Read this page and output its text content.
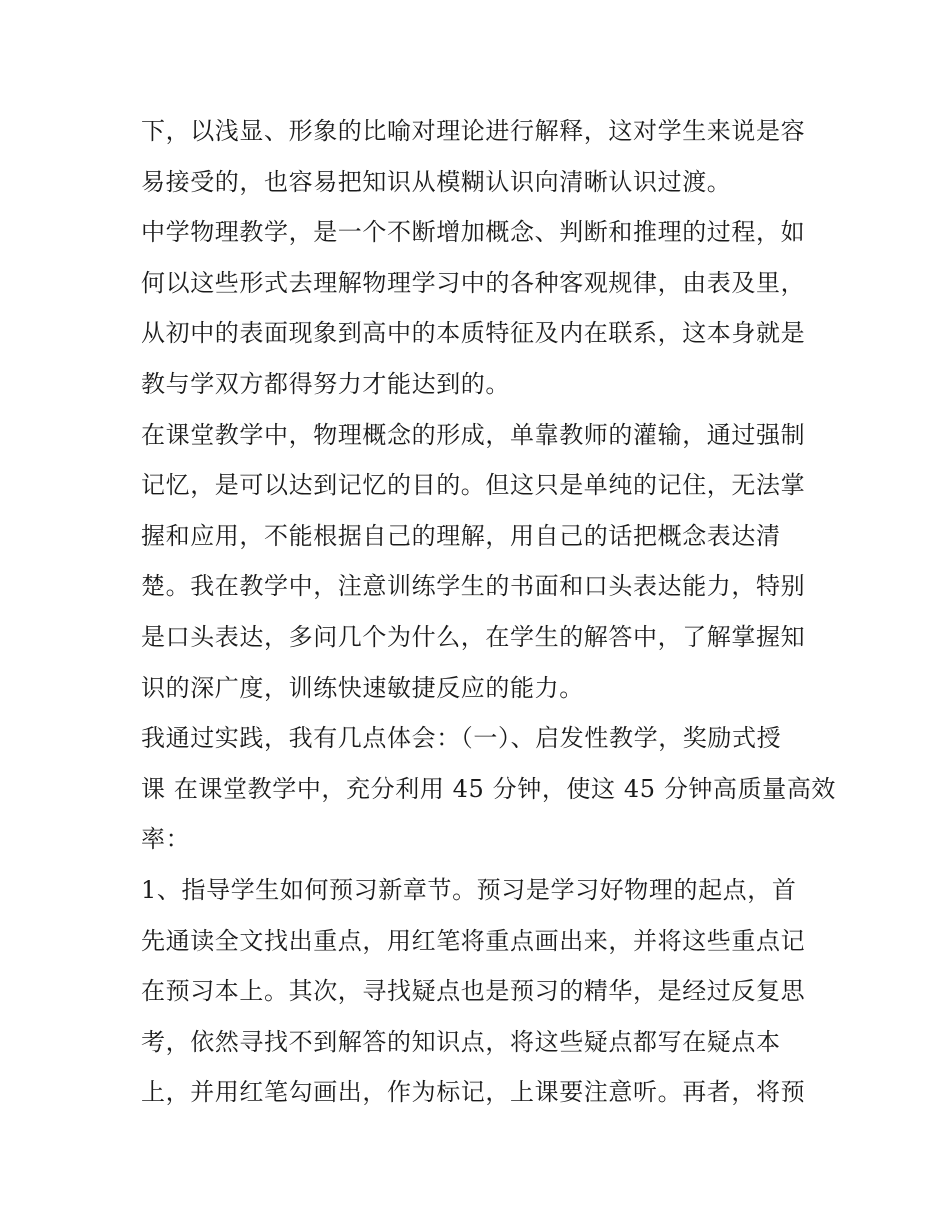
下，以浅显、形象的比喻对理论进行解释，这对学生来说是容
易接受的，也容易把知识从模糊认识向清晰认识过渡。
中学物理教学，是一个不断增加概念、判断和推理的过程，如
何以这些形式去理解物理学习中的各种客观规律，由表及里，
从初中的表面现象到高中的本质特征及内在联系，这本身就是
教与学双方都得努力才能达到的。
在课堂教学中，物理概念的形成，单靠教师的灌输，通过强制
记忆，是可以达到记忆的目的。但这只是单纯的记住，无法掌
握和应用，不能根据自己的理解，用自己的话把概念表达清
楚。我在教学中，注意训练学生的书面和口头表达能力，特别
是口头表达，多问几个为什么，在学生的解答中，了解掌握知
识的深广度，训练快速敏捷反应的能力。
我通过实践，我有几点体会：（一）、启发性教学，奖励式授
课 在课堂教学中，充分利用 45 分钟，使这 45 分钟高质量高效
率：
1、指导学生如何预习新章节。预习是学习好物理的起点，首
先通读全文找出重点，用红笔将重点画出来，并将这些重点记
在预习本上。其次，寻找疑点也是预习的精华，是经过反复思
考，依然寻找不到解答的知识点，将这些疑点都写在疑点本
上，并用红笔勾画出，作为标记，上课要注意听。再者，将预
